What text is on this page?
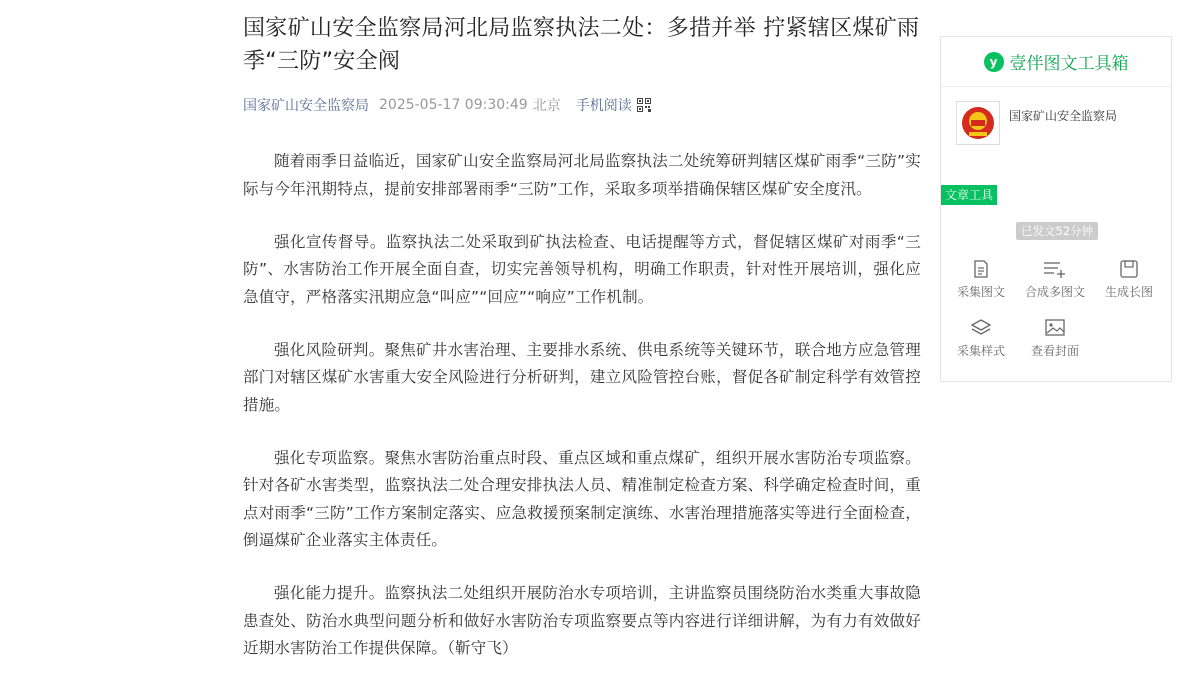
国家矿山安全监察局河北局监察执法二处：多措并举 拧紧辖区煤矿雨季“三防”安全阀
国家矿山安全监察局 2025-05-17 09:30:49 北京 手机阅读

随着雨季日益临近，国家矿山安全监察局河北局监察执法二处统筹研判辖区煤矿雨季“三防”实际与今年汛期特点，提前安排部署雨季“三防”工作，采取多项举措确保辖区煤矿安全度汛。

强化宣传督导。监察执法二处采取到矿执法检查、电话提醒等方式，督促辖区煤矿对雨季“三防”、水害防治工作开展全面自查，切实完善领导机构，明确工作职责，针对性开展培训，强化应急值守，严格落实汛期应急“叫应”“回应”“响应”工作机制。

强化风险研判。聚焦矿井水害治理、主要排水系统、供电系统等关键环节，联合地方应急管理部门对辖区煤矿水害重大安全风险进行分析研判，建立风险管控台账，督促各矿制定科学有效管控措施。

强化专项监察。聚焦水害防治重点时段、重点区域和重点煤矿，组织开展水害防治专项监察。针对各矿水害类型，监察执法二处合理安排执法人员、精准制定检查方案、科学确定检查时间，重点对雨季“三防”工作方案制定落实、应急救援预案制定演练、水害治理措施落实等进行全面检查，倒逼煤矿企业落实主体责任。

强化能力提升。监察执法二处组织开展防治水专项培训，主讲监察员围绕防治水类重大事故隐患查处、防治水典型问题分析和做好水害防治专项监察要点等内容进行详细讲解，为有力有效做好近期水害防治工作提供保障。（靳守飞）

y 壹伴图文工具箱
国家矿山安全监察局
文章工具
已发文52分钟
采集图文	合成多图文	生成长图
采集样式	查看封面
